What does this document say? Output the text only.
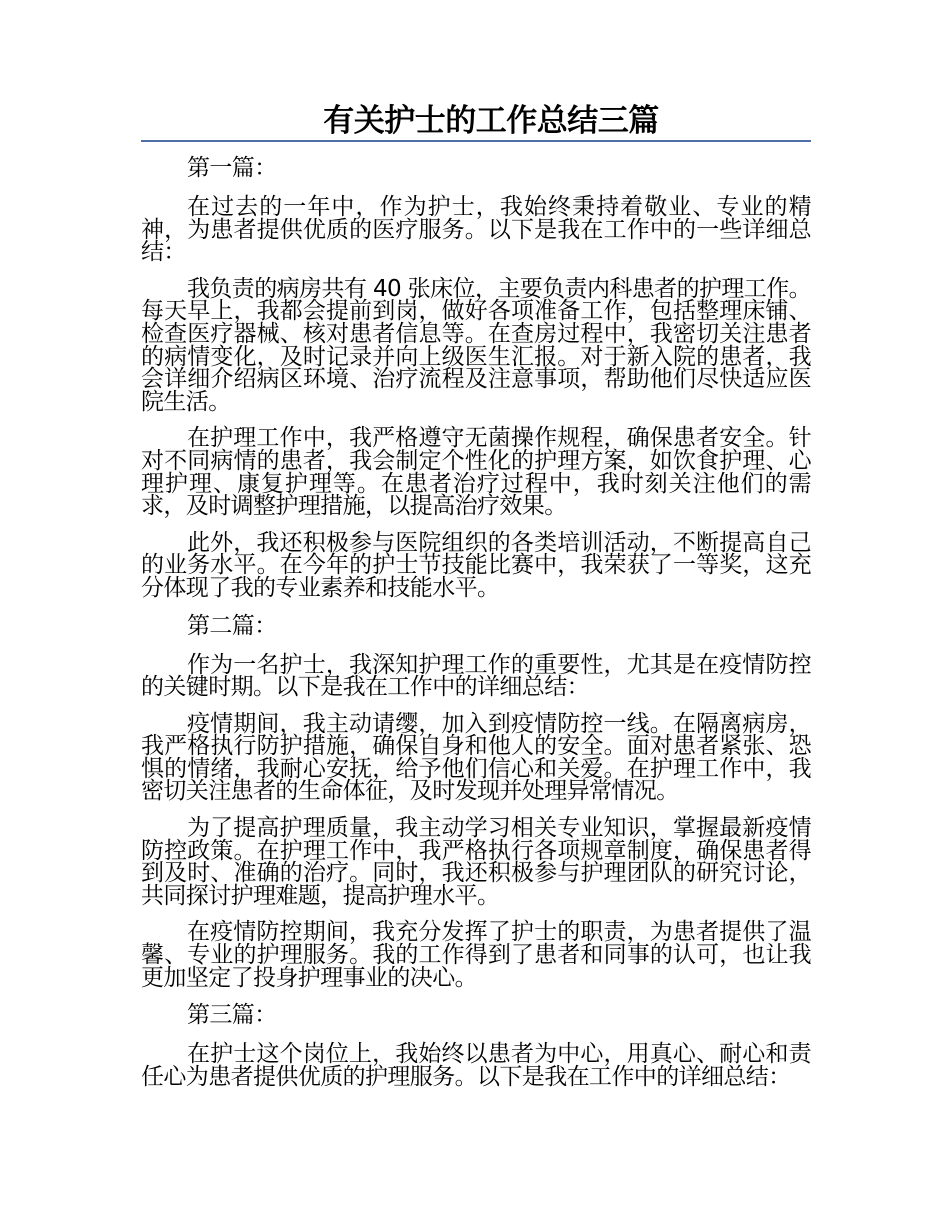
有关护士的工作总结三篇

第一篇：

在过去的一年中，作为护士，我始终秉持着敬业、专业的精神，为患者提供优质的医疗服务。以下是我在工作中的一些详细总结：

我负责的病房共有 40 张床位，主要负责内科患者的护理工作。每天早上，我都会提前到岗，做好各项准备工作，包括整理床铺、检查医疗器械、核对患者信息等。在查房过程中，我密切关注患者的病情变化，及时记录并向上级医生汇报。对于新入院的患者，我会详细介绍病区环境、治疗流程及注意事项，帮助他们尽快适应医院生活。

在护理工作中，我严格遵守无菌操作规程，确保患者安全。针对不同病情的患者，我会制定个性化的护理方案，如饮食护理、心理护理、康复护理等。在患者治疗过程中，我时刻关注他们的需求，及时调整护理措施，以提高治疗效果。

此外，我还积极参与医院组织的各类培训活动，不断提高自己的业务水平。在今年的护士节技能比赛中，我荣获了一等奖，这充分体现了我的专业素养和技能水平。

第二篇：

作为一名护士，我深知护理工作的重要性，尤其是在疫情防控的关键时期。以下是我在工作中的详细总结：

疫情期间，我主动请缨，加入到疫情防控一线。在隔离病房，我严格执行防护措施，确保自身和他人的安全。面对患者紧张、恐惧的情绪，我耐心安抚，给予他们信心和关爱。在护理工作中，我密切关注患者的生命体征，及时发现并处理异常情况。

为了提高护理质量，我主动学习相关专业知识，掌握最新疫情防控政策。在护理工作中，我严格执行各项规章制度，确保患者得到及时、准确的治疗。同时，我还积极参与护理团队的研究讨论，共同探讨护理难题，提高护理水平。

在疫情防控期间，我充分发挥了护士的职责，为患者提供了温馨、专业的护理服务。我的工作得到了患者和同事的认可，也让我更加坚定了投身护理事业的决心。

第三篇：

在护士这个岗位上，我始终以患者为中心，用真心、耐心和责任心为患者提供优质的护理服务。以下是我在工作中的详细总结：
